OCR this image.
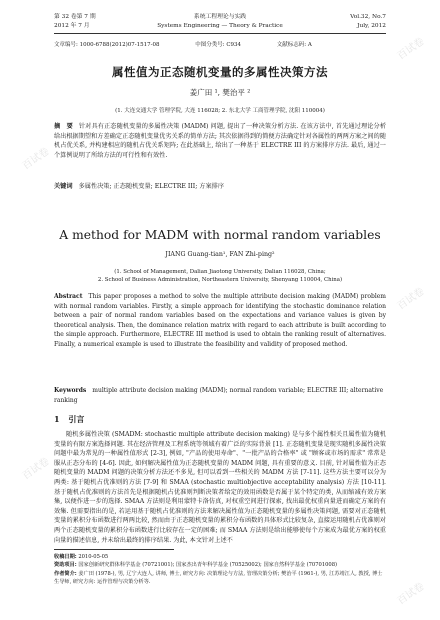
第 32 卷第 7 期	系统工程理论与实践	Vol.32, No.7
2012 年 7 月	Systems Engineering — Theory & Practice	July, 2012
文章编号: 1000-6788(2012)07-1517-08	中图分类号: C934	文献标志码: A
属性值为正态随机变量的多属性决策方法
姜广田 ¹, 樊治平 ²
(1. 大连交通大学 管理学院, 大连 116028; 2. 东北大学 工商管理学院, 沈阳 110004)
摘　要 针对具有正态随机变量的多属性决策 (MADM) 问题, 提出了一种决策分析方法. 在该方法中, 首先通过理论分析给出根据期望和方差确定正态随机变量优劣关系的简单方法; 其次依据得到的简便方法确定针对各属性的两两方案之间的随机占优关系, 并构建相应的随机占优关系矩阵; 在此基础上, 给出了一种基于 ELECTRE III 的方案排序方法. 最后, 通过一个算例说明了所给方法的可行性和有效性.
关键词 多属性决策; 正态随机变量; ELECTRE III; 方案排序
A method for MADM with normal random variables
JIANG Guang-tian¹, FAN Zhi-ping²
(1. School of Management, Dalian Jiaotong University, Dalian 116028, China;
2. School of Business Administration, Northeastern University, Shenyang 110004, China)
Abstract This paper proposes a method to solve the multiple attribute decision making (MADM) problem with normal random variables. Firstly, a simple approach for identifying the stochastic dominance relation between a pair of normal random variables based on the expectations and variance values is given by theoretical analysis. Then, the dominance relation matrix with regard to each attribute is built according to the simple approach. Furthermore, ELECTRE III method is used to obtain the ranking result of alternatives. Finally, a numerical example is used to illustrate the feasibility and validity of proposed method.
Keywords multiple attribute decision making (MADM); normal random variable; ELECTRE III; alternative ranking
1 引言
随机多属性决策 (SMADM: stochastic multiple attribute decision making) 是与多个属性相关且属性值为随机变量的有限方案选择问题. 其在经济管理及工程系统等领域有着广泛的实际背景 [1]. 正态随机变量是现实随机多属性决策问题中最为常见的一种属性值形式 [2-3], 例如, "产品的使用寿命"、"一批产品的合格率" 或 "顾客或市场的需求" 常常是服从正态分布的 [4-6]. 因此, 如何解决属性值为正态随机变量的 MADM 问题, 具有重要的意义. 目前, 针对属性值为正态随机变量的 MADM 问题的决策分析方法还不多见, 但可以看到一些相关的 MADM 方法 [7-11]. 这些方法主要可以分为两类: 基于随机占优准则的方法 [7-9] 和 SMAA (stochastic multiobjective acceptability analysis) 方法 [10-11]. 基于随机占优准则的方法首先是根据随机占优准则判断决策者给定的效用函数是否属于某个特定的类, 从而缩减有效方案集, 以便作进一步的选择. SMAA 方法则是利用蒙特卡洛仿真, 对权重空间进行探索, 找出最优权重向量进而确定方案的有效集. 但需要指出的是, 若运用基于随机占优准则的方法来解决属性值为正态随机变量的多属性决策问题, 需要对正态随机变量的累积分布函数进行两两比较, 然而由于正态随机变量的累积分布函数的具体形式比较复杂, 直接运用随机占优准则对两个正态随机变量的累积分布函数进行比较存在一定的困难; 而 SMAA 方法则是给出能够使每个方案成为最优方案的权重向量的描述信息, 并未给出最终的排序结果. 为此, 本文针对上述不
收稿日期: 2010-05-05
资助项目: 国家创新研究群体科学基金 (70721001); 国家杰出青年科学基金 (70525002); 国家自然科学基金 (70701008)
作者简介: 姜广田 (1978-), 男, 辽宁大连人, 讲师, 博士, 研究方向: 决策理论与方法, 管理决策分析; 樊治平 (1961-), 男, 江苏靖江人, 教授, 博士生导师, 研究方向: 运作管理与决策分析等.
百试卷
百试卷
百试卷
百试卷
百试卷
